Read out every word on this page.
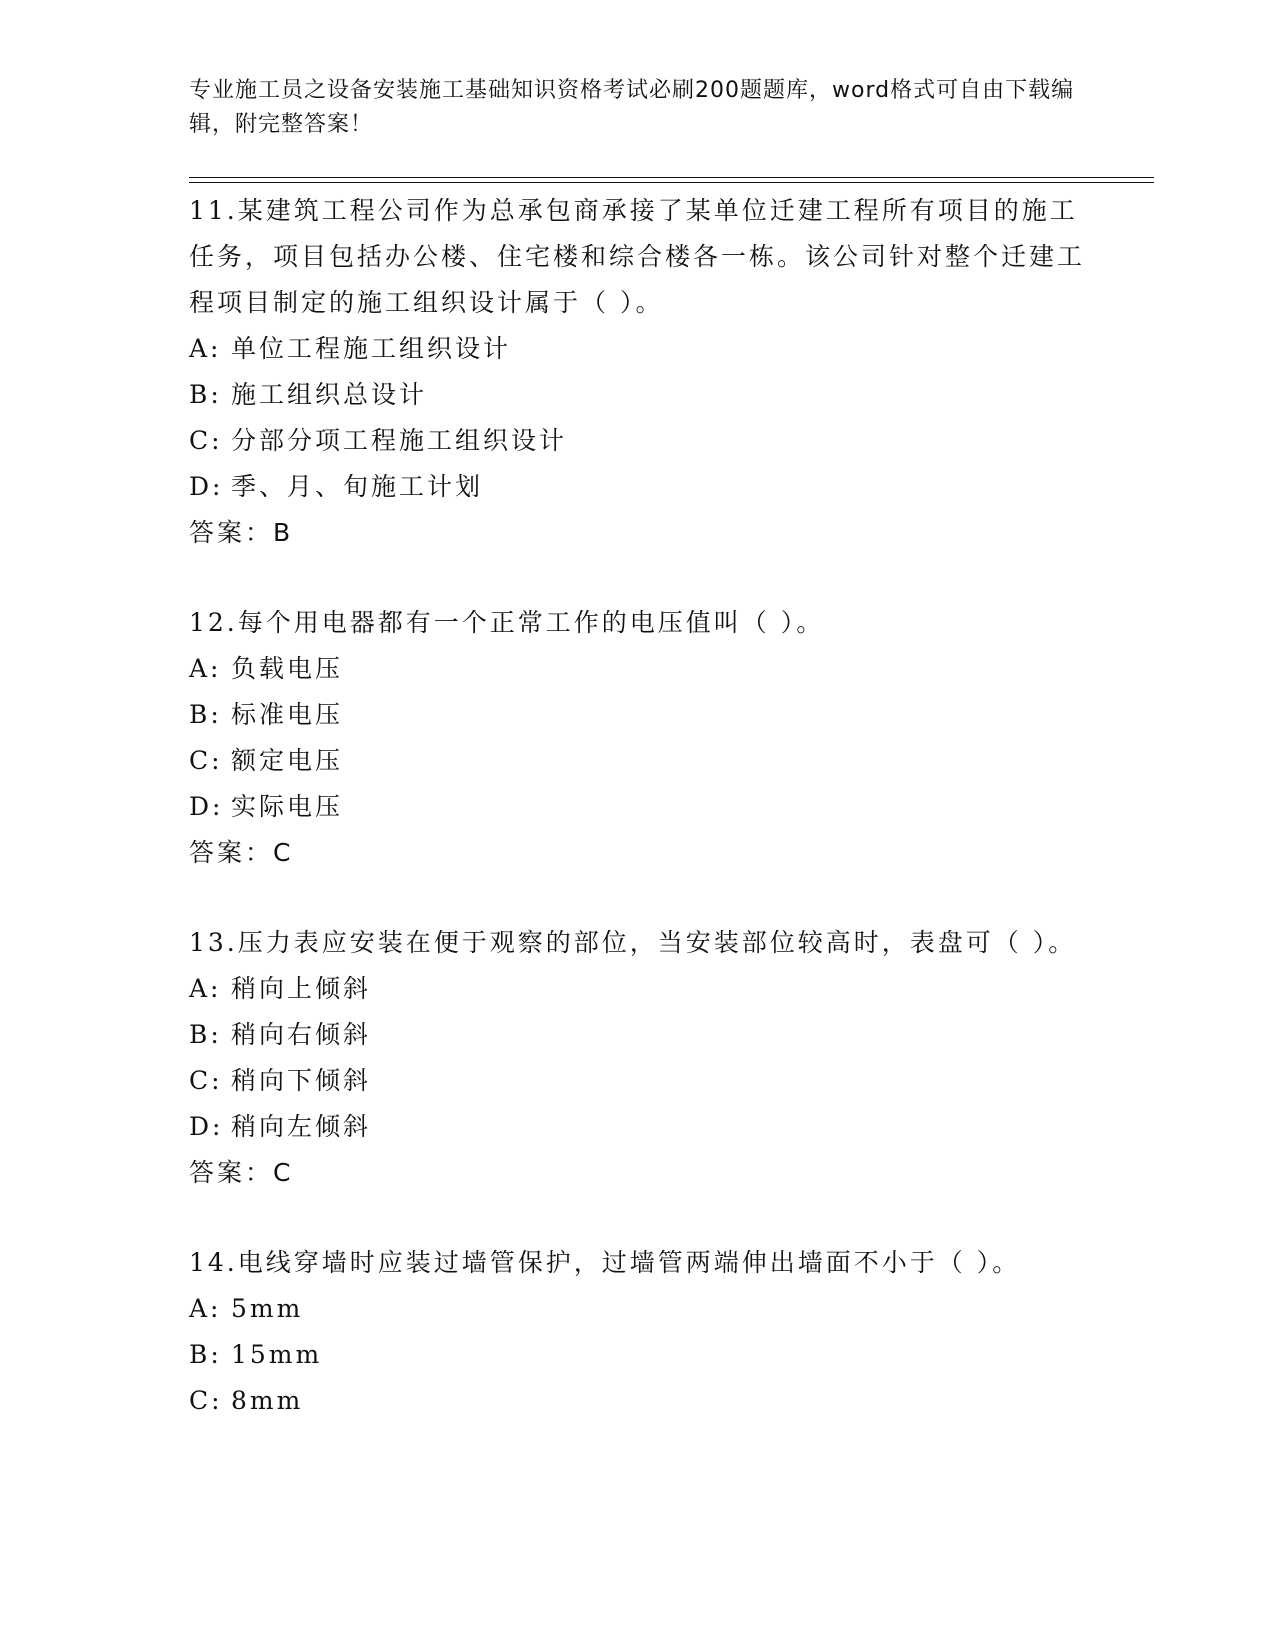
专业施工员之设备安装施工基础知识资格考试必刷200题题库，word格式可自由下载编辑，附完整答案！
11.某建筑工程公司作为总承包商承接了某单位迁建工程所有项目的施工任务，项目包括办公楼、住宅楼和综合楼各一栋。该公司针对整个迁建工程项目制定的施工组织设计属于（ ）。
A: 单位工程施工组织设计
B: 施工组织总设计
C: 分部分项工程施工组织设计
D: 季、月、旬施工计划
答案：B
12.每个用电器都有一个正常工作的电压值叫（ ）。
A: 负载电压
B: 标准电压
C: 额定电压
D: 实际电压
答案：C
13.压力表应安装在便于观察的部位，当安装部位较高时，表盘可（ ）。
A: 稍向上倾斜
B: 稍向右倾斜
C: 稍向下倾斜
D: 稍向左倾斜
答案：C
14.电线穿墙时应装过墙管保护，过墙管两端伸出墙面不小于（ ）。
A: 5mm
B: 15mm
C: 8mm
